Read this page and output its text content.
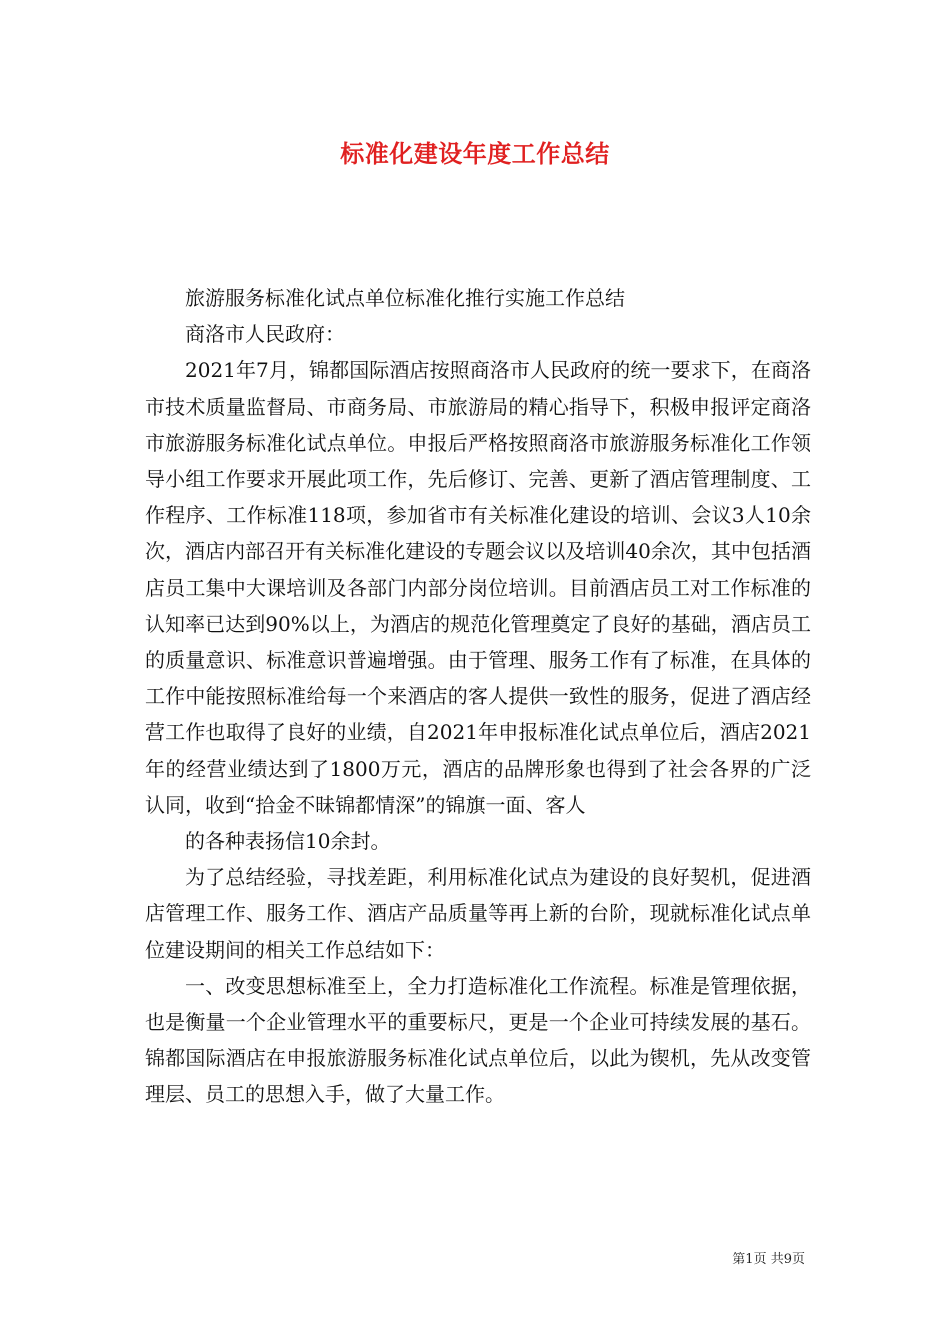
标准化建设年度工作总结

旅游服务标准化试点单位标准化推行实施工作总结

商洛市人民政府：

2021年7月，锦都国际酒店按照商洛市人民政府的统一要求下，在商洛市技术质量监督局、市商务局、市旅游局的精心指导下，积极申报评定商洛市旅游服务标准化试点单位。申报后严格按照商洛市旅游服务标准化工作领导小组工作要求开展此项工作，先后修订、完善、更新了酒店管理制度、工作程序、工作标准118项，参加省市有关标准化建设的培训、会议3人10余次，酒店内部召开有关标准化建设的专题会议以及培训40余次，其中包括酒店员工集中大课培训及各部门内部分岗位培训。目前酒店员工对工作标准的认知率已达到90%以上，为酒店的规范化管理奠定了良好的基础，酒店员工的质量意识、标准意识普遍增强。由于管理、服务工作有了标准，在具体的工作中能按照标准给每一个来酒店的客人提供一致性的服务，促进了酒店经营工作也取得了良好的业绩，自2021年申报标准化试点单位后，酒店2021年的经营业绩达到了1800万元，酒店的品牌形象也得到了社会各界的广泛认同，收到“拾金不昧锦都情深”的锦旗一面、客人

的各种表扬信10余封。

为了总结经验，寻找差距，利用标准化试点为建设的良好契机，促进酒店管理工作、服务工作、酒店产品质量等再上新的台阶，现就标准化试点单位建设期间的相关工作总结如下：

一、改变思想标准至上，全力打造标准化工作流程。标准是管理依据，也是衡量一个企业管理水平的重要标尺，更是一个企业可持续发展的基石。锦都国际酒店在申报旅游服务标准化试点单位后，以此为锲机，先从改变管理层、员工的思想入手，做了大量工作。

第1页 共9页
